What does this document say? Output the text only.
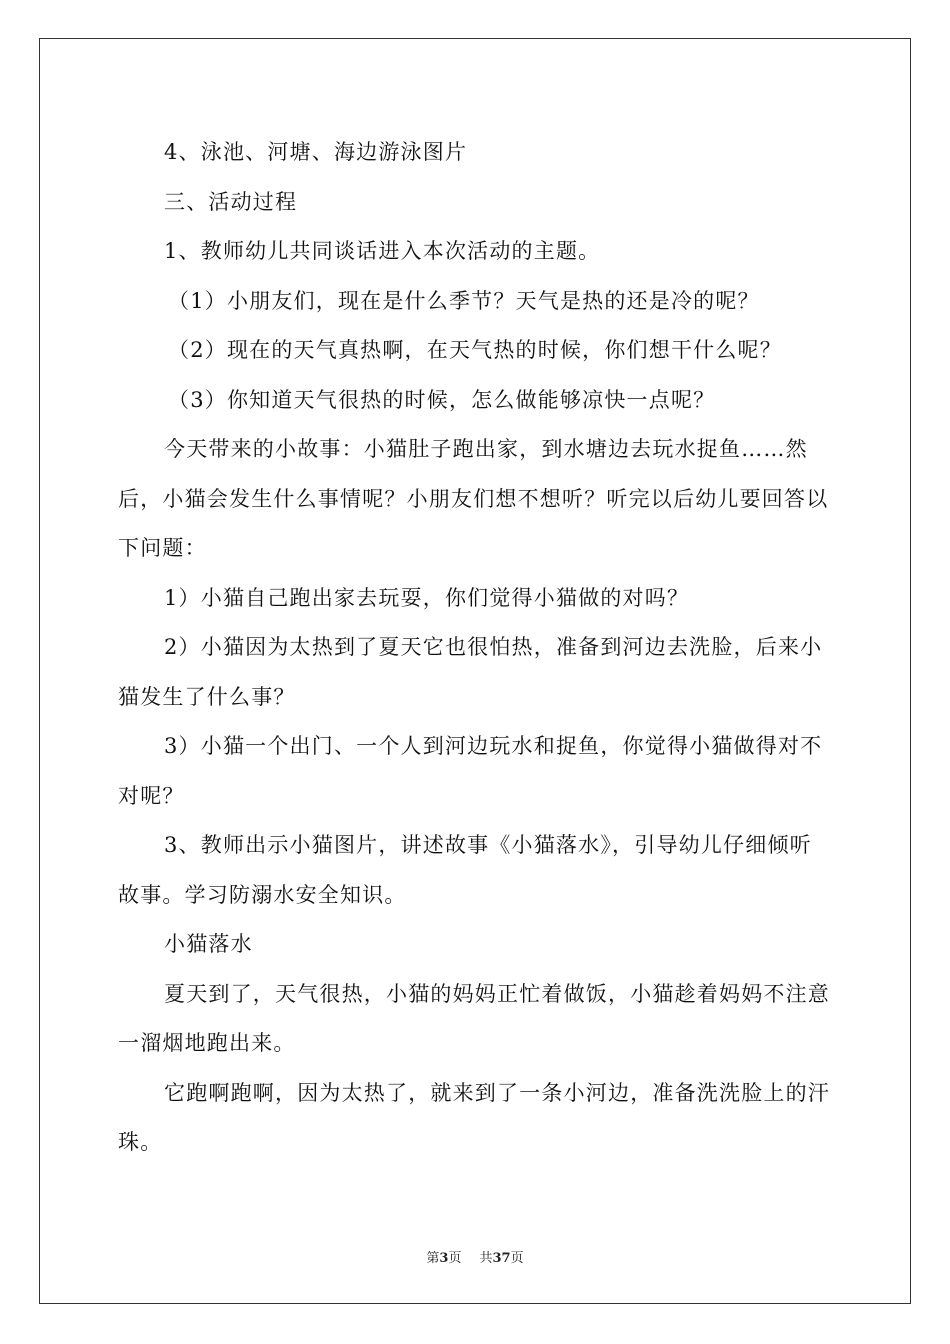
4、泳池、河塘、海边游泳图片

三、活动过程

1、教师幼儿共同谈话进入本次活动的主题。

（1）小朋友们，现在是什么季节？天气是热的还是冷的呢？

（2）现在的天气真热啊，在天气热的时候，你们想干什么呢？

（3）你知道天气很热的时候，怎么做能够凉快一点呢？

今天带来的小故事：小猫肚子跑出家，到水塘边去玩水捉鱼……然后，小猫会发生什么事情呢？小朋友们想不想听？听完以后幼儿要回答以下问题：

1）小猫自己跑出家去玩耍，你们觉得小猫做的对吗？

2）小猫因为太热到了夏天它也很怕热，准备到河边去洗脸，后来小猫发生了什么事？

3）小猫一个出门、一个人到河边玩水和捉鱼，你觉得小猫做得对不对呢？

3、教师出示小猫图片，讲述故事《小猫落水》，引导幼儿仔细倾听故事。学习防溺水安全知识。

小猫落水

夏天到了，天气很热，小猫的妈妈正忙着做饭，小猫趁着妈妈不注意一溜烟地跑出来。

它跑啊跑啊，因为太热了，就来到了一条小河边，准备洗洗脸上的汗珠。

第3页 共37页
